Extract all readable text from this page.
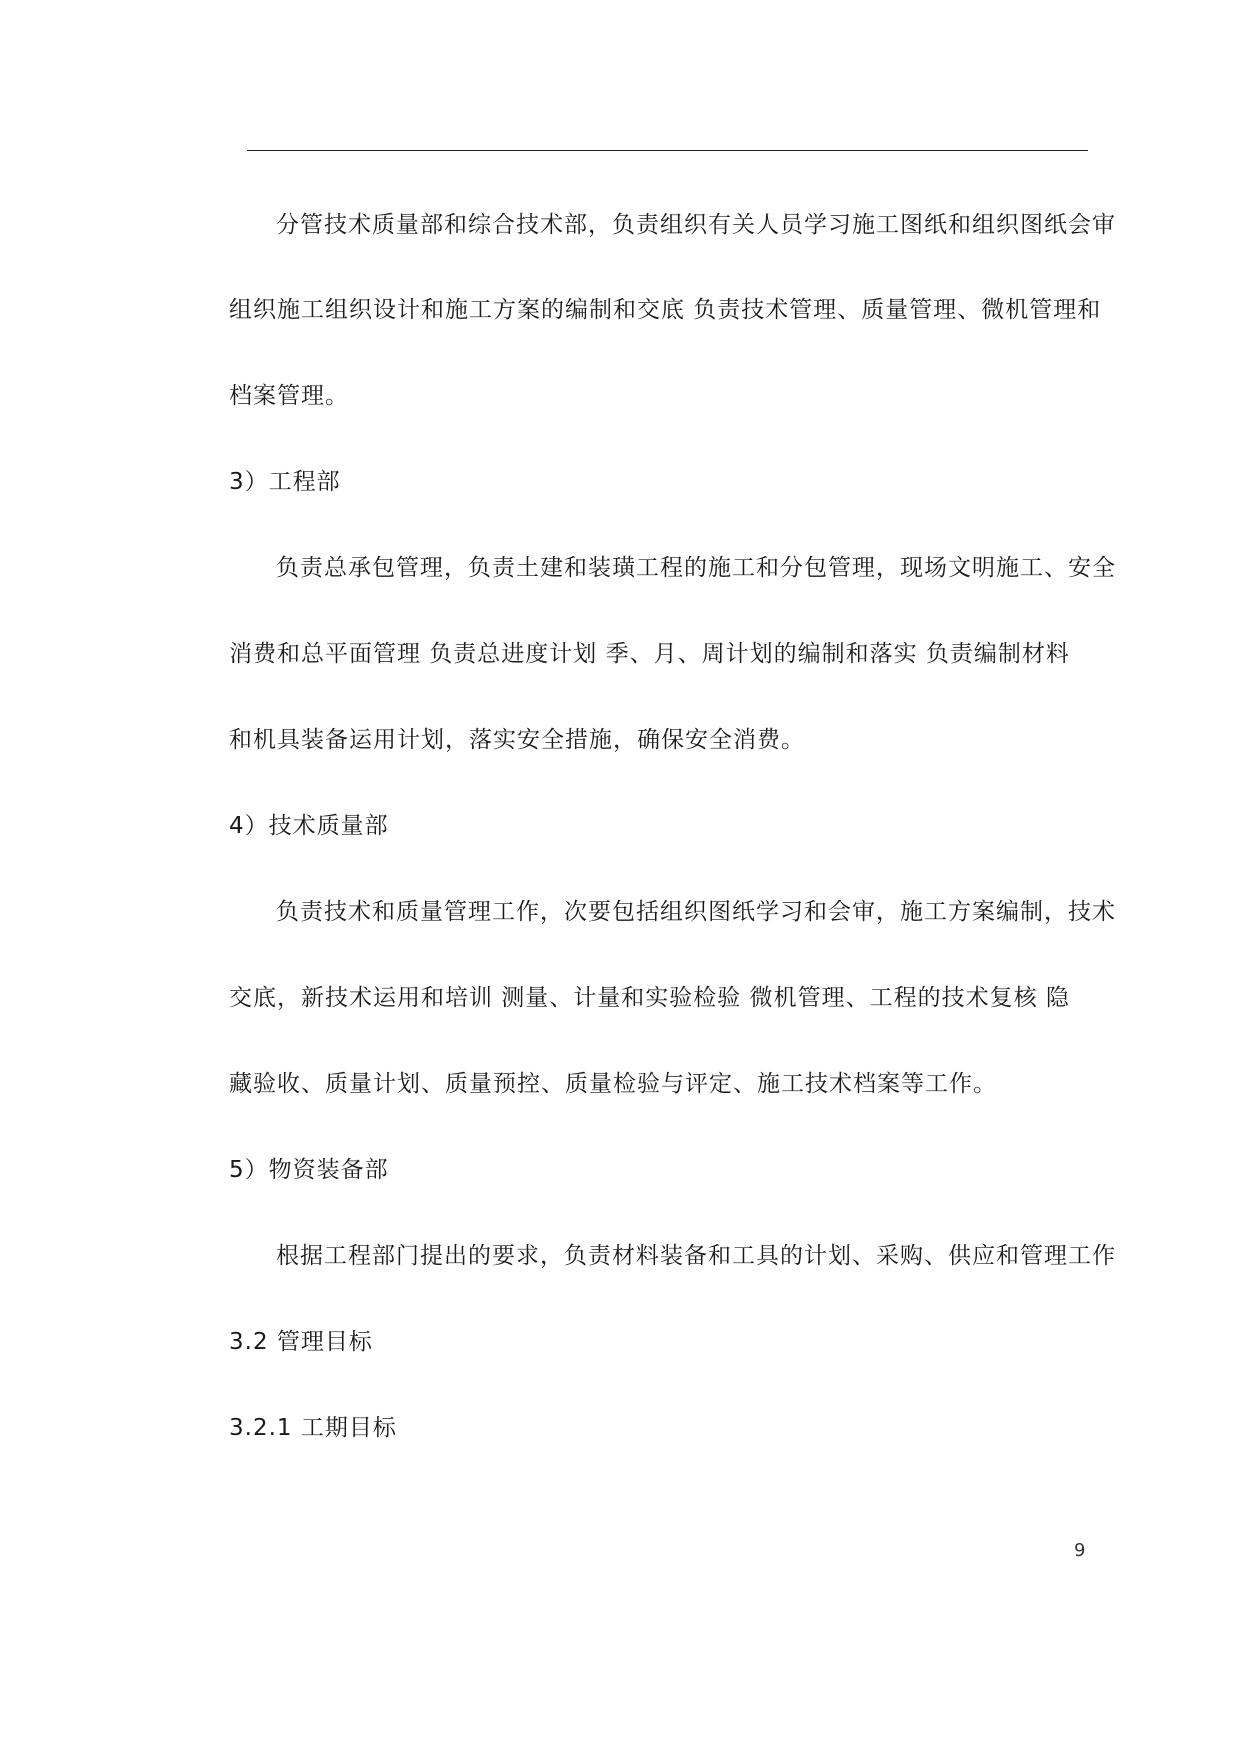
分管技术质量部和综合技术部，负责组织有关人员学习施工图纸和组织图纸会审
组织施工组织设计和施工方案的编制和交底 负责技术管理、质量管理、微机管理和
档案管理。
3）工程部
负责总承包管理，负责土建和装璜工程的施工和分包管理，现场文明施工、安全
消费和总平面管理 负责总进度计划 季、月、周计划的编制和落实 负责编制材料
和机具装备运用计划，落实安全措施，确保安全消费。
4）技术质量部
负责技术和质量管理工作，次要包括组织图纸学习和会审，施工方案编制，技术
交底，新技术运用和培训 测量、计量和实验检验 微机管理、工程的技术复核 隐
藏验收、质量计划、质量预控、质量检验与评定、施工技术档案等工作。
5）物资装备部
根据工程部门提出的要求，负责材料装备和工具的计划、采购、供应和管理工作
3.2 管理目标
3.2.1 工期目标
9
